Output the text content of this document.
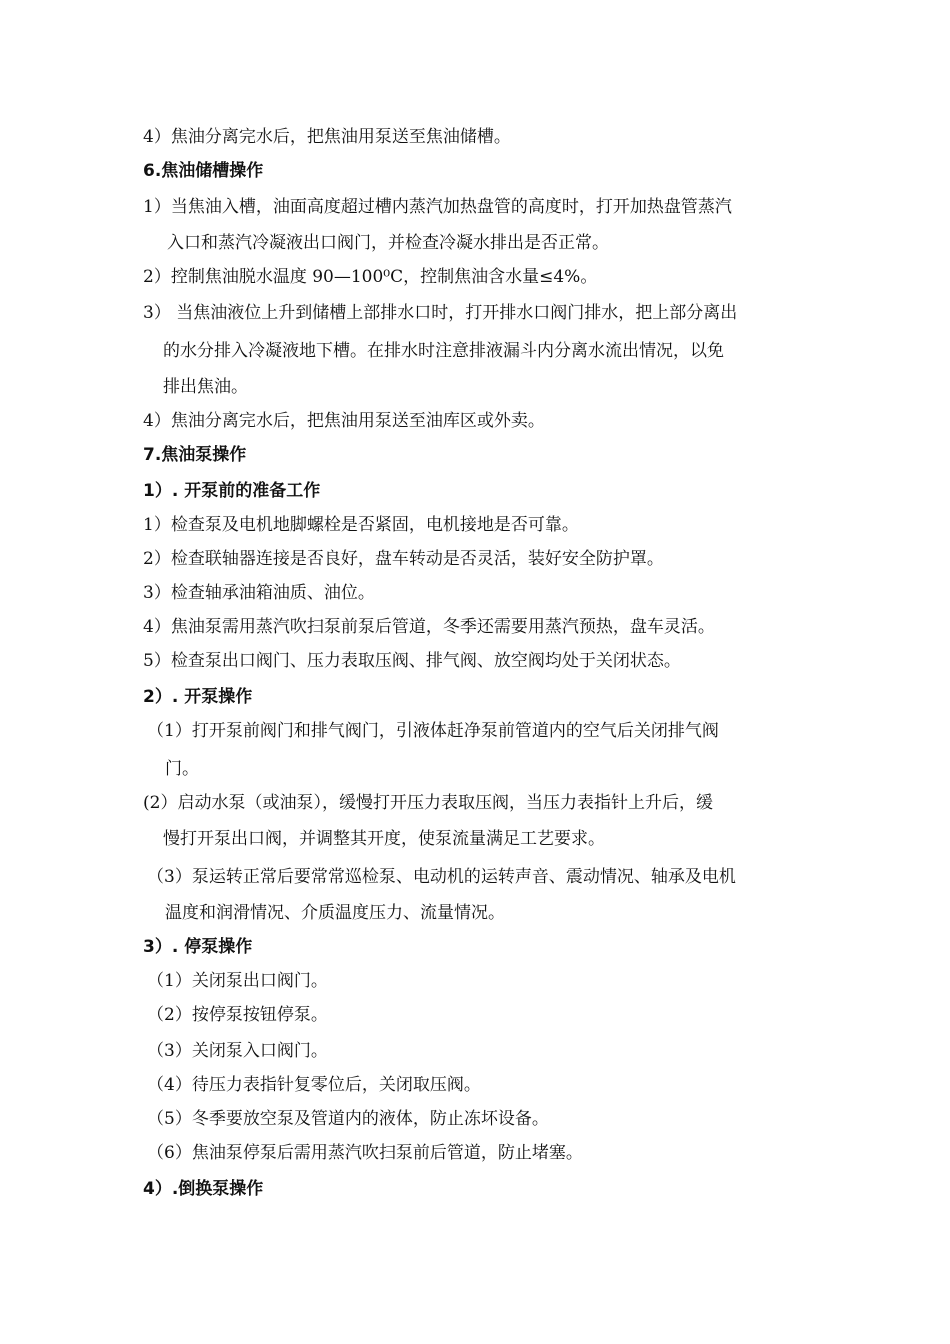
4）焦油分离完水后，把焦油用泵送至焦油储槽。
6.焦油储槽操作
1）当焦油入槽，油面高度超过槽内蒸汽加热盘管的高度时，打开加热盘管蒸汽
入口和蒸汽冷凝液出口阀门，并检查冷凝水排出是否正常。
2）控制焦油脱水温度 90—100⁰C，控制焦油含水量≤4%。
3） 当焦油液位上升到储槽上部排水口时，打开排水口阀门排水，把上部分离出
的水分排入冷凝液地下槽。在排水时注意排液漏斗内分离水流出情况，以免
排出焦油。
4）焦油分离完水后，把焦油用泵送至油库区或外卖。
7.焦油泵操作
1）. 开泵前的准备工作
1）检查泵及电机地脚螺栓是否紧固，电机接地是否可靠。
2）检查联轴器连接是否良好，盘车转动是否灵活，装好安全防护罩。
3）检查轴承油箱油质、油位。
4）焦油泵需用蒸汽吹扫泵前泵后管道，冬季还需要用蒸汽预热，盘车灵活。
5）检查泵出口阀门、压力表取压阀、排气阀、放空阀均处于关闭状态。
2）. 开泵操作
（1）打开泵前阀门和排气阀门，引液体赶净泵前管道内的空气后关闭排气阀
门。
(2）启动水泵（或油泵），缓慢打开压力表取压阀，当压力表指针上升后，缓
慢打开泵出口阀，并调整其开度，使泵流量满足工艺要求。
（3）泵运转正常后要常常巡检泵、电动机的运转声音、震动情况、轴承及电机
温度和润滑情况、介质温度压力、流量情况。
3）. 停泵操作
（1）关闭泵出口阀门。
（2）按停泵按钮停泵。
（3）关闭泵入口阀门。
（4）待压力表指针复零位后，关闭取压阀。
（5）冬季要放空泵及管道内的液体，防止冻坏设备。
（6）焦油泵停泵后需用蒸汽吹扫泵前后管道，防止堵塞。
4）.倒换泵操作
